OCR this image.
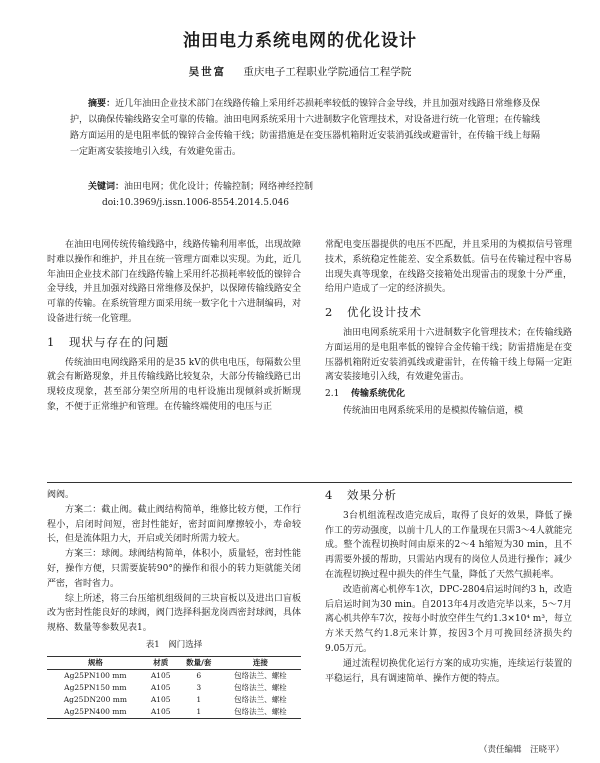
油田电力系统电网的优化设计
吴世富 重庆电子工程职业学院通信工程学院
摘要：近几年油田企业技术部门在线路传输上采用纤芯损耗率较低的镍锌合金导线，并且加强对线路日常维修及保护，以确保传输线路安全可靠的传输。油田电网系统采用十六进制数字化管理技术，对设备进行统一化管理；在传输线路方面运用的是电阻率低的镍锌合金传输干线；防雷措施是在变压器机箱附近安装消弧线或避雷针，在传输干线上每隔一定距离安装接地引入线，有效避免雷击。
关键词：油田电网；优化设计；传输控制；网络神经控制
doi:10.3969/j.issn.1006-8554.2014.5.046

在油田电网传统传输线路中，线路传输利用率低，出现故障时难以操作和维护，并且在统一管理方面难以实现。为此，近几年油田企业技术部门在线路传输上采用纤芯损耗率较低的镍锌合金导线，并且加强对线路日常维修及保护，以保障传输线路安全可靠的传输。在系统管理方面采用统一数字化十六进制编码，对设备进行统一化管理。

1 现状与存在的问题

传统油田电网线路采用的是35 kV的供电电压，每隔数公里就会有断路现象，并且传输线路比较复杂，大部分传输线路已出现较皮现象，甚至部分架空所用的电杆设施出现倾斜或折断现象，不便于正常维护和管理。在传输终端使用的电压与正

常配电变压器提供的电压不匹配，并且采用的为模拟信号管理技术，系统稳定性能差、安全系数低。信号在传输过程中容易出现失真等现象，在线路交接箱处出现雷击的现象十分严重，给用户造成了一定的经济损失。

2 优化设计技术

油田电网系统采用十六进制数字化管理技术；在传输线路方面运用的是电阻率低的镍锌合金传输干线；防雷措施是在变压器机箱附近安装消弧线或避雷针，在传输干线上每隔一定距离安装接地引入线，有效避免雷击。

2.1 传输系统优化

传统油田电网系统采用的是模拟传输信道，模

阀阀。

方案二：截止阀。截止阀结构简单，维修比较方便，工作行程小，启闭时间短，密封性能好，密封面间摩擦较小，寿命较长，但是流体阻力大，开启或关闭时所需力较大。

方案三：球阀。球阀结构简单，体积小，质量轻，密封性能好，操作方便，只需要旋转90°的操作和很小的转力矩就能关闭严密，省时省力。

综上所述，将三台压缩机组级间的三块盲板以及进出口盲板改为密封性能良好的球阀，阀门选择科据龙岗西密封球阀，具体规格、数量等参数见表1。

表1　阀门选择
规格	材质	数量/套	连接
Ag25PN100 mm	A105	6	包络法兰、螺栓
Ag25PN150 mm	A105	3	包络法兰、螺栓
Ag25DN200 mm	A105	1	包络法兰、螺栓
Ag25PN400 mm	A105	1	包络法兰、螺栓
4 效果分析

3台机组流程改造完成后，取得了良好的效果，降低了操作工的劳动强度，以前十几人的工作量现在只需3～4人就能完成。整个流程切换时间由原来的2～4 h缩短为30 min，且不再需要外援的帮助，只需站内现有的岗位人员进行操作；减少在流程切换过程中损失的伴生气量，降低了天然气损耗率。

改造前离心机停车1次，DPC-2804启运时间约3 h，改造后启运时间为30 min。自2013年4月改造完毕以来，5～7月离心机共停车7次，按每小时放空伴生气约1.3×10⁴ m³，每立方米天然气约1.8元来计算，按因3个月可挽回经济损失约9.05万元。

通过流程切换优化运行方案的成功实施，连续运行装置的平稳运行，具有调速简单、操作方便的特点。

（责任编辑　汪晓平）
